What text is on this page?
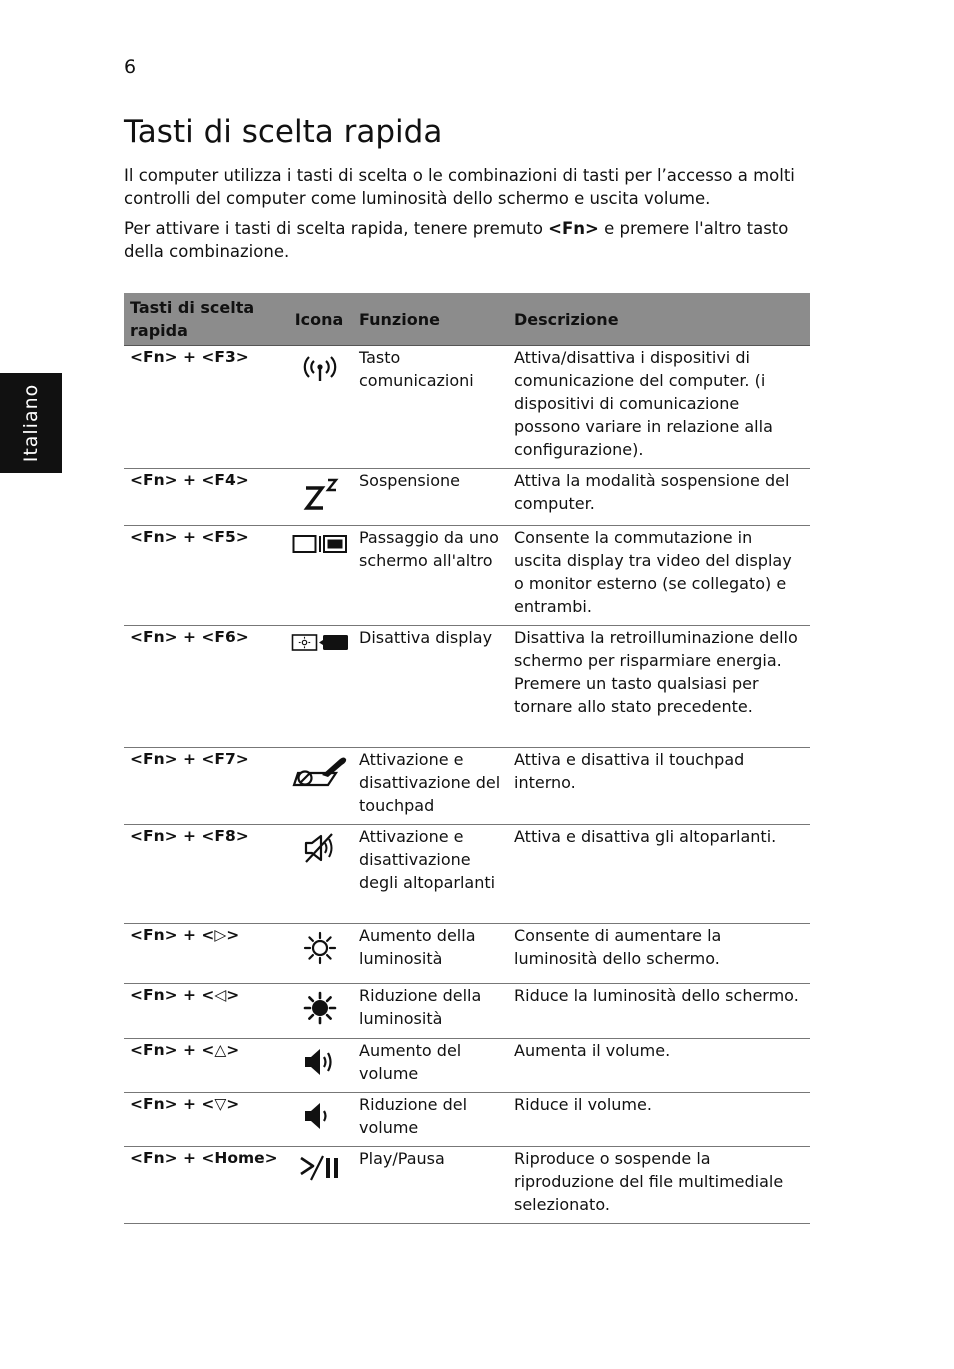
6
Italiano
Tasti di scelta rapida

Il computer utilizza i tasti di scelta o le combinazioni di tasti per l’accesso a molti controlli del computer come luminosità dello schermo e uscita volume.

Per attivare i tasti di scelta rapida, tenere premuto <Fn> e premere l'altro tasto della combinazione.

Tasti di scelta rapida	Icona	Funzione	Descrizione
<Fn> + <F3>		Tasto comunicazioni	Attiva/disattiva i dispositivi di comunicazione del computer. (i dispositivi di comunicazione possono variare in relazione alla configurazione).
<Fn> + <F4>		Sospensione	Attiva la modalità sospensione del computer.
<Fn> + <F5>		Passaggio da uno schermo all'altro	Consente la commutazione in uscita display tra video del display o monitor esterno (se collegato) e entrambi.
<Fn> + <F6>		Disattiva display	Disattiva la retroilluminazione dello schermo per risparmiare energia. Premere un tasto qualsiasi per tornare allo stato precedente.
<Fn> + <F7>		Attivazione e disattivazione del touchpad	Attiva e disattiva il touchpad interno.
<Fn> + <F8>		Attivazione e disattivazione degli altoparlanti	Attiva e disattiva gli altoparlanti.
<Fn> + <▷>		Aumento della luminosità	Consente di aumentare la luminosità dello schermo.
<Fn> + <◁>		Riduzione della luminosità	Riduce la luminosità dello schermo.
<Fn> + <△>		Aumento del volume	Aumenta il volume.
<Fn> + <▽>		Riduzione del volume	Riduce il volume.
<Fn> + <Home>		Play/Pausa	Riproduce o sospende la riproduzione del file multimediale selezionato.
